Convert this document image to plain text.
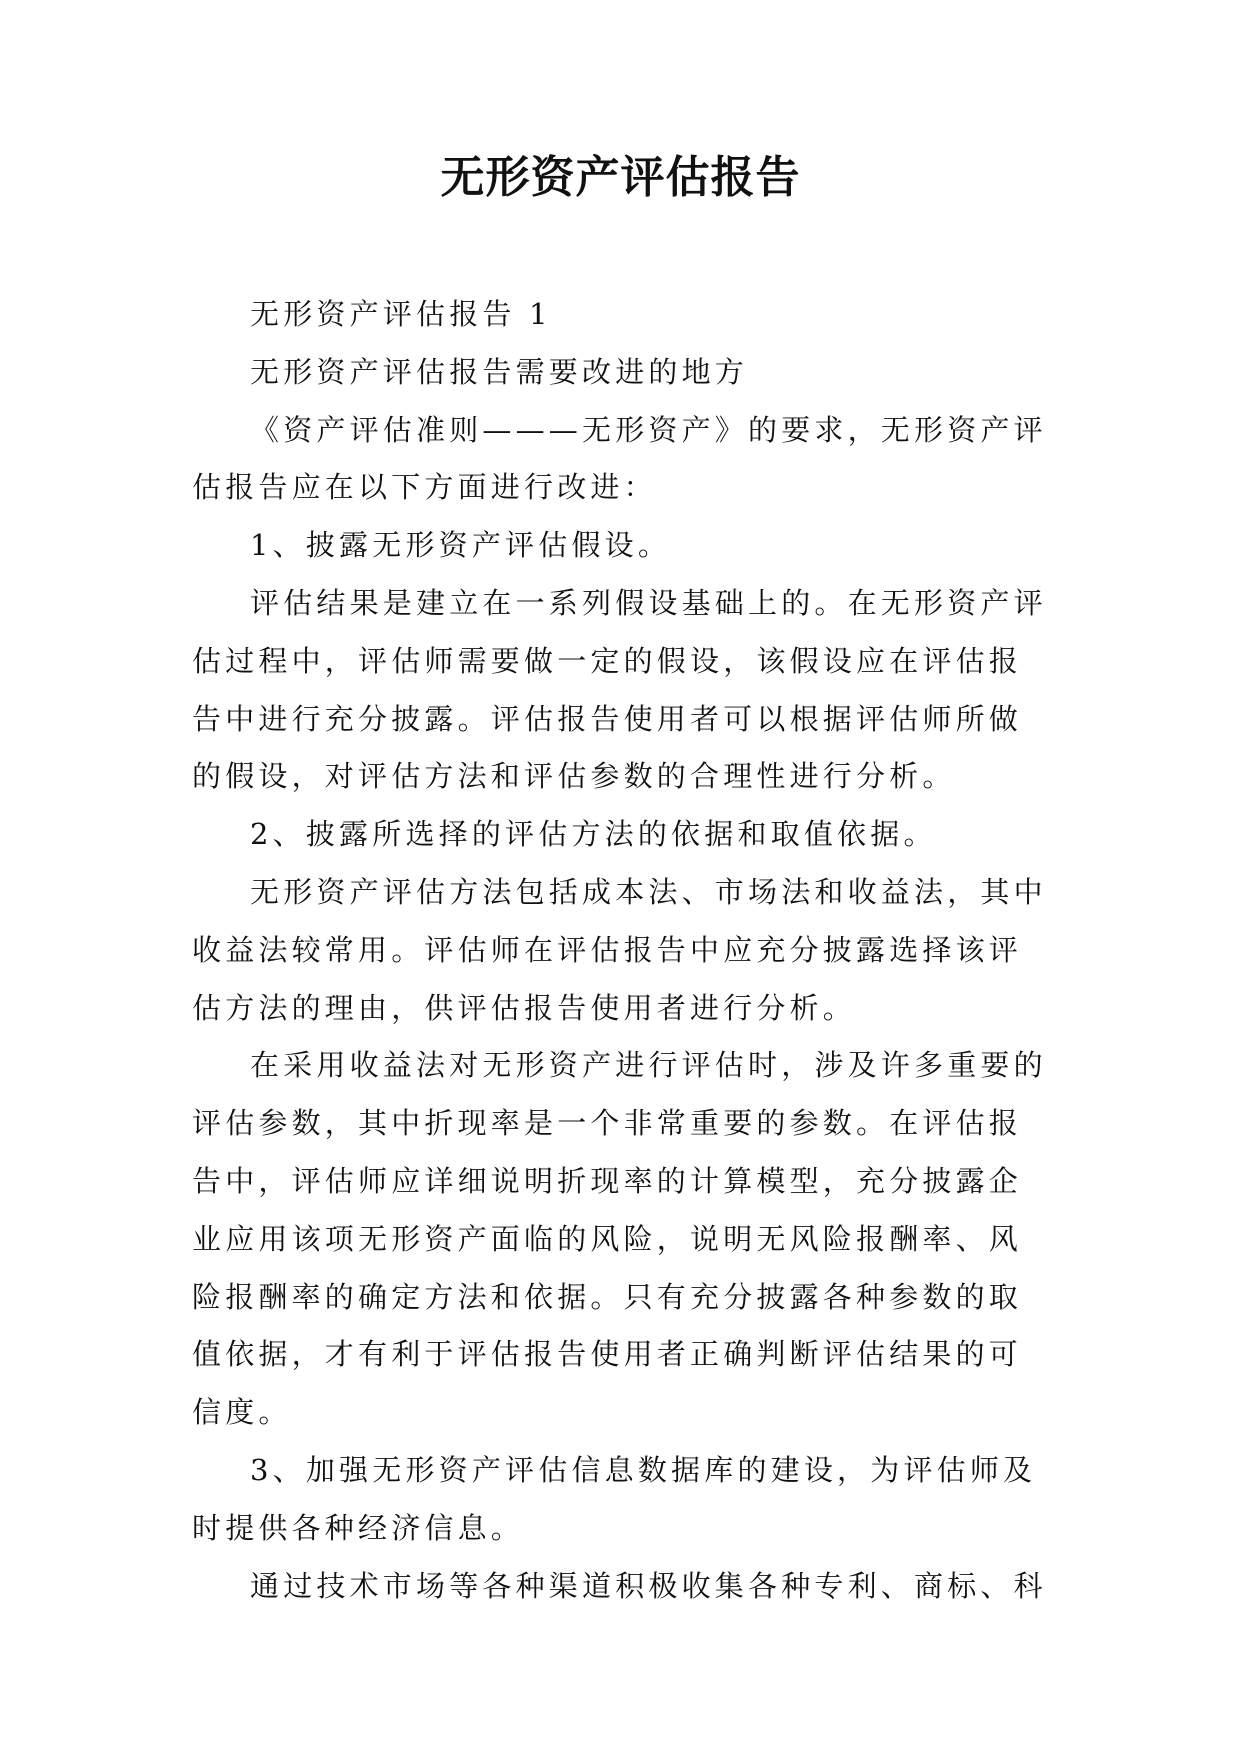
无形资产评估报告

无形资产评估报告 1

无形资产评估报告需要改进的地方

《资产评估准则———无形资产》的要求，无形资产评估报告应在以下方面进行改进：

1、披露无形资产评估假设。

评估结果是建立在一系列假设基础上的。在无形资产评估过程中，评估师需要做一定的假设，该假设应在评估报告中进行充分披露。评估报告使用者可以根据评估师所做的假设，对评估方法和评估参数的合理性进行分析。

2、披露所选择的评估方法的依据和取值依据。

无形资产评估方法包括成本法、市场法和收益法，其中收益法较常用。评估师在评估报告中应充分披露选择该评估方法的理由，供评估报告使用者进行分析。

在采用收益法对无形资产进行评估时，涉及许多重要的评估参数，其中折现率是一个非常重要的参数。在评估报告中，评估师应详细说明折现率的计算模型，充分披露企业应用该项无形资产面临的风险，说明无风险报酬率、风险报酬率的确定方法和依据。只有充分披露各种参数的取值依据，才有利于评估报告使用者正确判断评估结果的可信度。

3、加强无形资产评估信息数据库的建设，为评估师及时提供各种经济信息。

通过技术市场等各种渠道积极收集各种专利、商标、科
